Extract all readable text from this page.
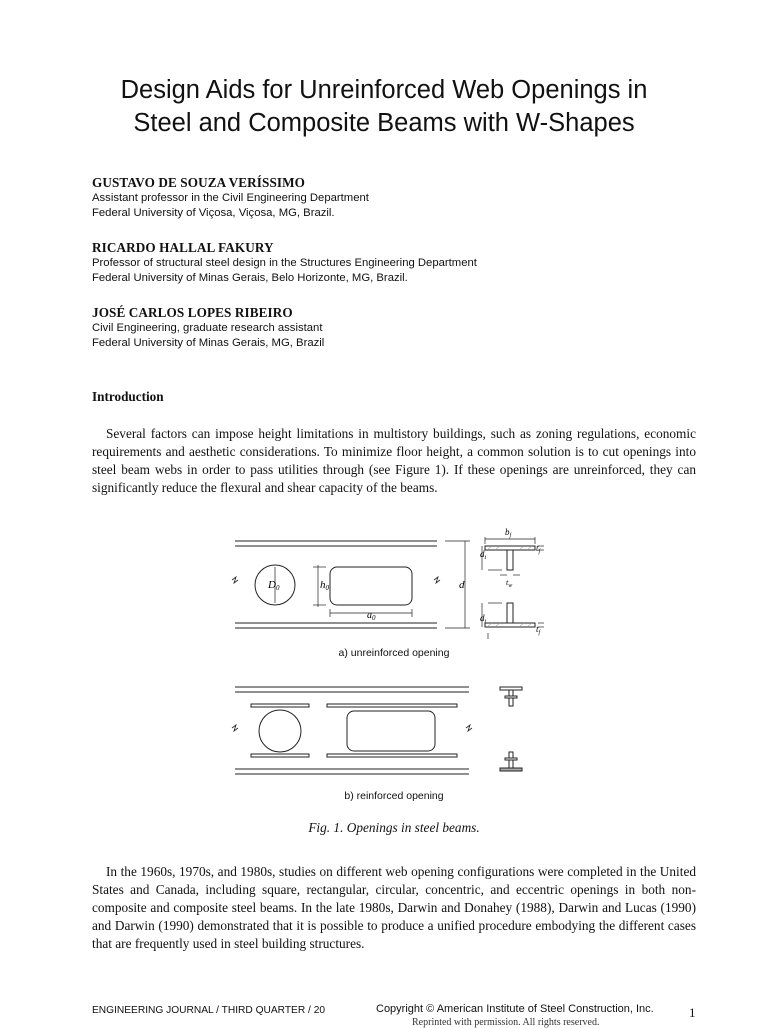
Design Aids for Unreinforced Web Openings in
Steel and Composite Beams with W-Shapes
GUSTAVO DE SOUZA VERÍSSIMO
Assistant professor in the Civil Engineering Department
Federal University of Viçosa, Viçosa, MG, Brazil.
RICARDO HALLAL FAKURY
Professor of structural steel design in the Structures Engineering Department
Federal University of Minas Gerais, Belo Horizonte, MG, Brazil.
JOSÉ CARLOS LOPES RIBEIRO
Civil Engineering, graduate research assistant
Federal University of Minas Gerais, MG, Brazil
Introduction

Several factors can impose height limitations in multistory buildings, such as zoning regulations, economic requirements and aesthetic considerations. To minimize floor height, a common solution is to cut openings into steel beam webs in order to pass utilities through (see Figure 1). If these openings are unreinforced, they can significantly reduce the flexural and shear capacity of the beams.

D0	h0
$a_0$
d
$b_f$
$t_f$
$d_t$
$t_w$
$d_t$
$t_f$
a) unreinforced opening
b) reinforced opening
Fig. 1. Openings in steel beams.

In the 1960s, 1970s, and 1980s, studies on different web opening configurations were completed in the United States and Canada, including square, rectangular, circular, concentric, and eccentric openings in both non-composite and composite steel beams. In the late 1980s, Darwin and Donahey (1988), Darwin and Lucas (1990) and Darwin (1990) demonstrated that it is possible to produce a unified procedure embodying the different cases that are frequently used in steel building structures.

ENGINEERING JOURNAL / THIRD QUARTER / 20	Copyright © American Institute of Steel Construction, Inc.
Reprinted with permission. All rights reserved.
1
